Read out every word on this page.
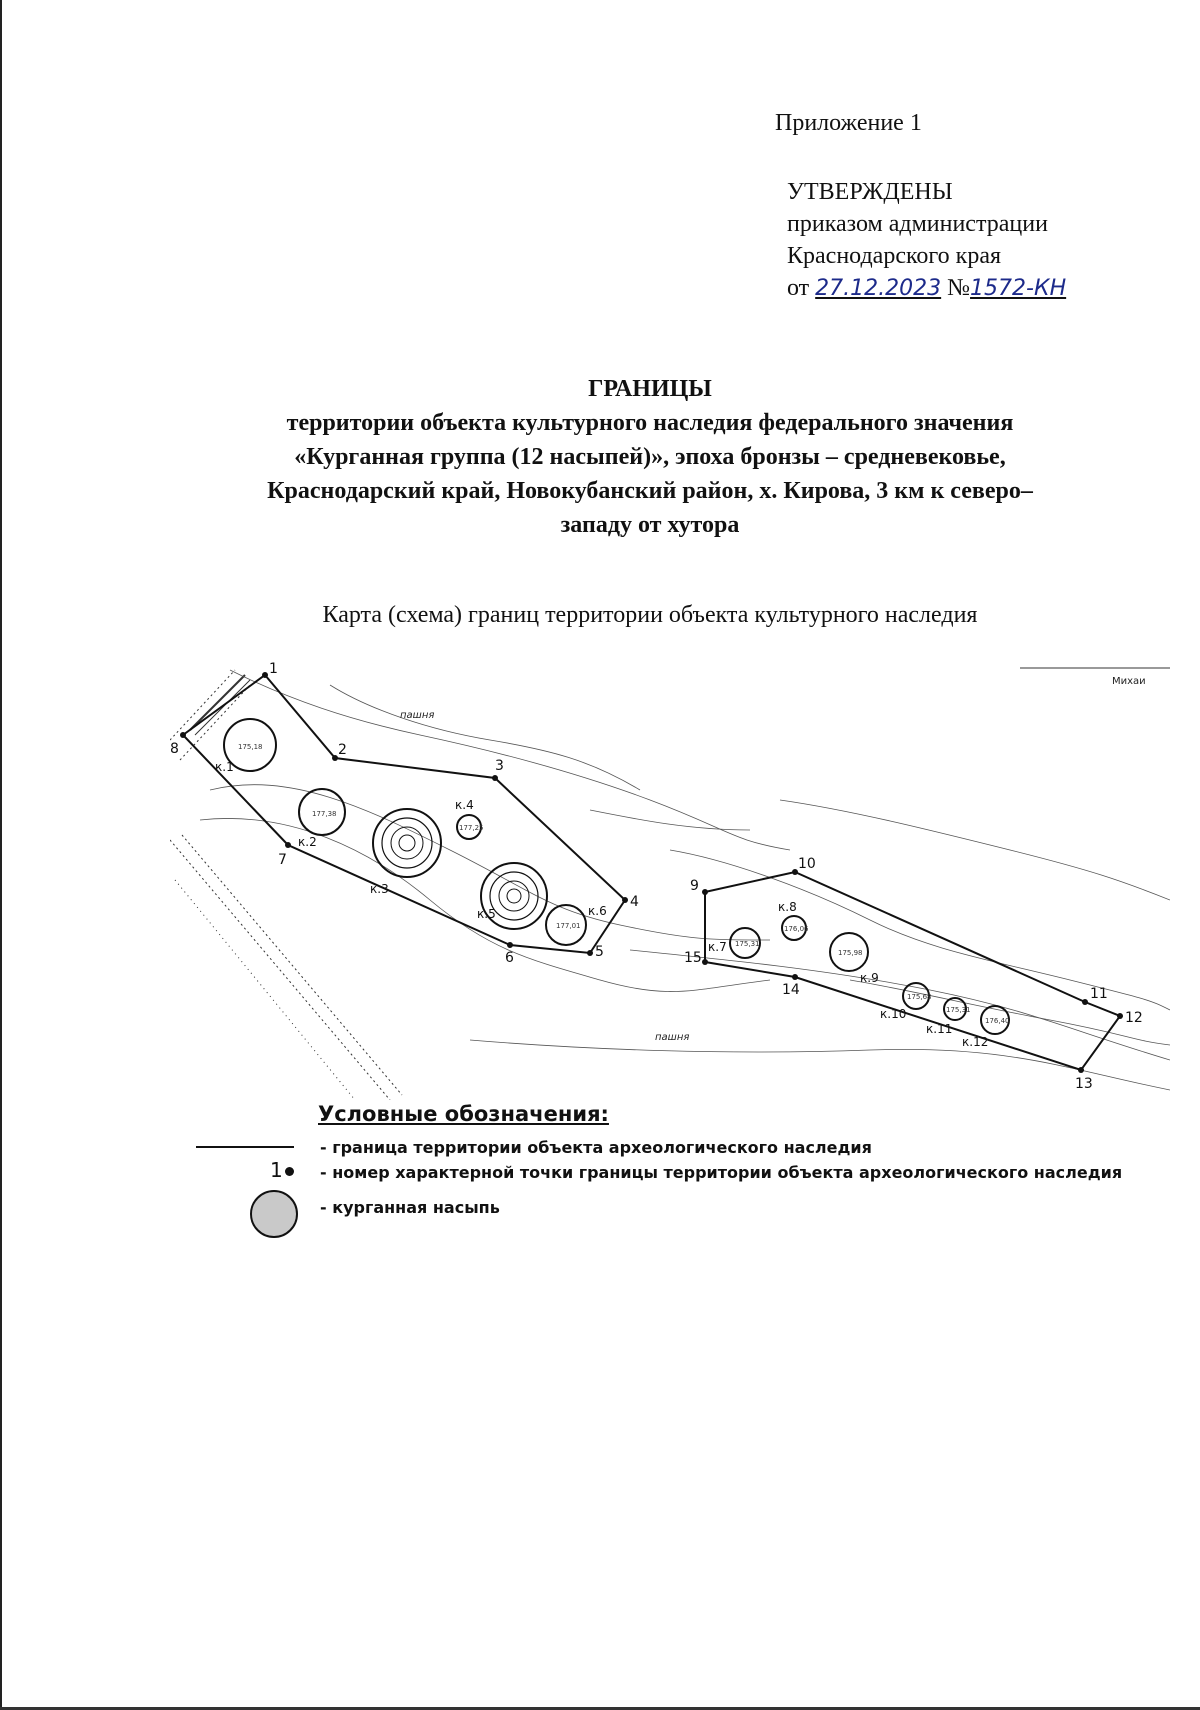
Приложение 1
УТВЕРЖДЕНЫ
приказом администрации
Краснодарского края
от 27.12.2023 №1572-КН
ГРАНИЦЫ
территории объекта культурного наследия федерального значения
«Курганная группа (12 насыпей)», эпоха бронзы – средневековье,
Краснодарский край, Новокубанский район, х. Кирова, 3 км к северо–
западу от хутора
Карта (схема) границ территории объекта культурного наследия
1
2
3
4
5
6
7
8
9
10
11
12
13
14
15
к.1
к.2
к.3
к.4
к.5	к.6
к.7
к.8
к.9
к.10
к.11
к.12
175,18
177,38
177,25
177,01
175,31
176,06
175,98
175,68
175,31
176,40
пашня
пашня
Михаи
Условные обозначения:
- граница территории объекта археологического наследия
1	- номер характерной точки границы территории объекта археологического наследия
- курганная насыпь
